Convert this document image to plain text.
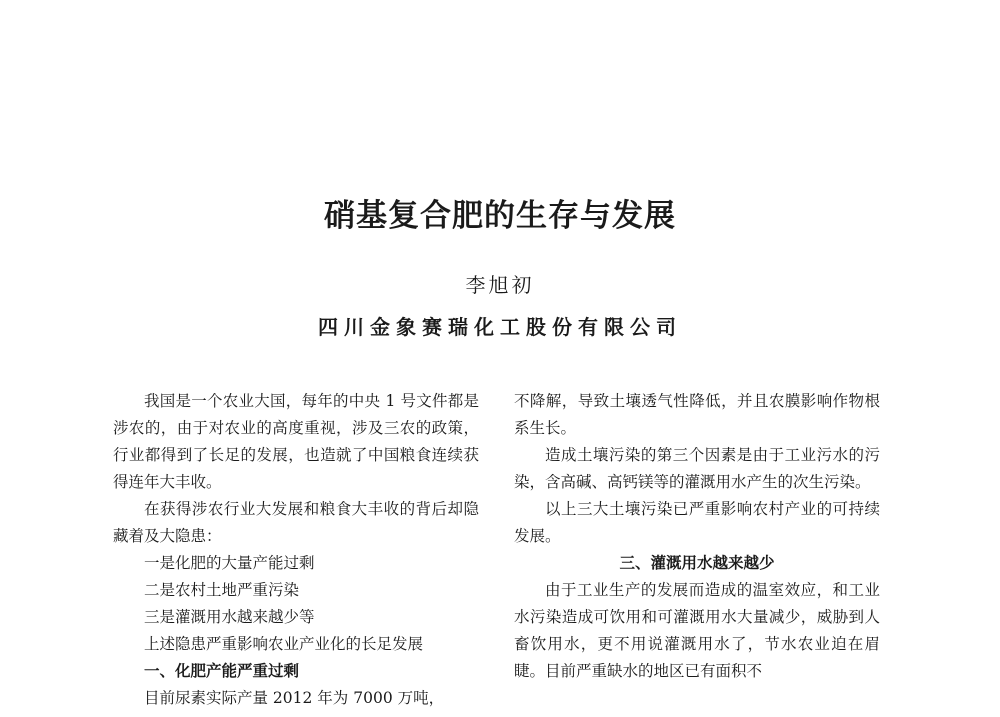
硝基复合肥的生存与发展
李旭初
四川金象赛瑞化工股份有限公司

我国是一个农业大国，每年的中央 1 号文件都是涉农的，由于对农业的高度重视，涉及三农的政策，行业都得到了长足的发展，也造就了中国粮食连续获得连年大丰收。

在获得涉农行业大发展和粮食大丰收的背后却隐藏着及大隐患：

一是化肥的大量产能过剩

二是农村土地严重污染

三是灌溉用水越来越少等

上述隐患严重影响农业产业化的长足发展

一、化肥产能严重过剩

目前尿素实际产量 2012 年为 7000 万吨，

不降解，导致土壤透气性降低，并且农膜影响作物根系生长。

造成土壤污染的第三个因素是由于工业污水的污染，含高碱、高钙镁等的灌溉用水产生的次生污染。

以上三大土壤污染已严重影响农村产业的可持续发展。

三、灌溉用水越来越少

由于工业生产的发展而造成的温室效应，和工业水污染造成可饮用和可灌溉用水大量减少，威胁到人畜饮用水，更不用说灌溉用水了，节水农业迫在眉睫。目前严重缺水的地区已有面积不
